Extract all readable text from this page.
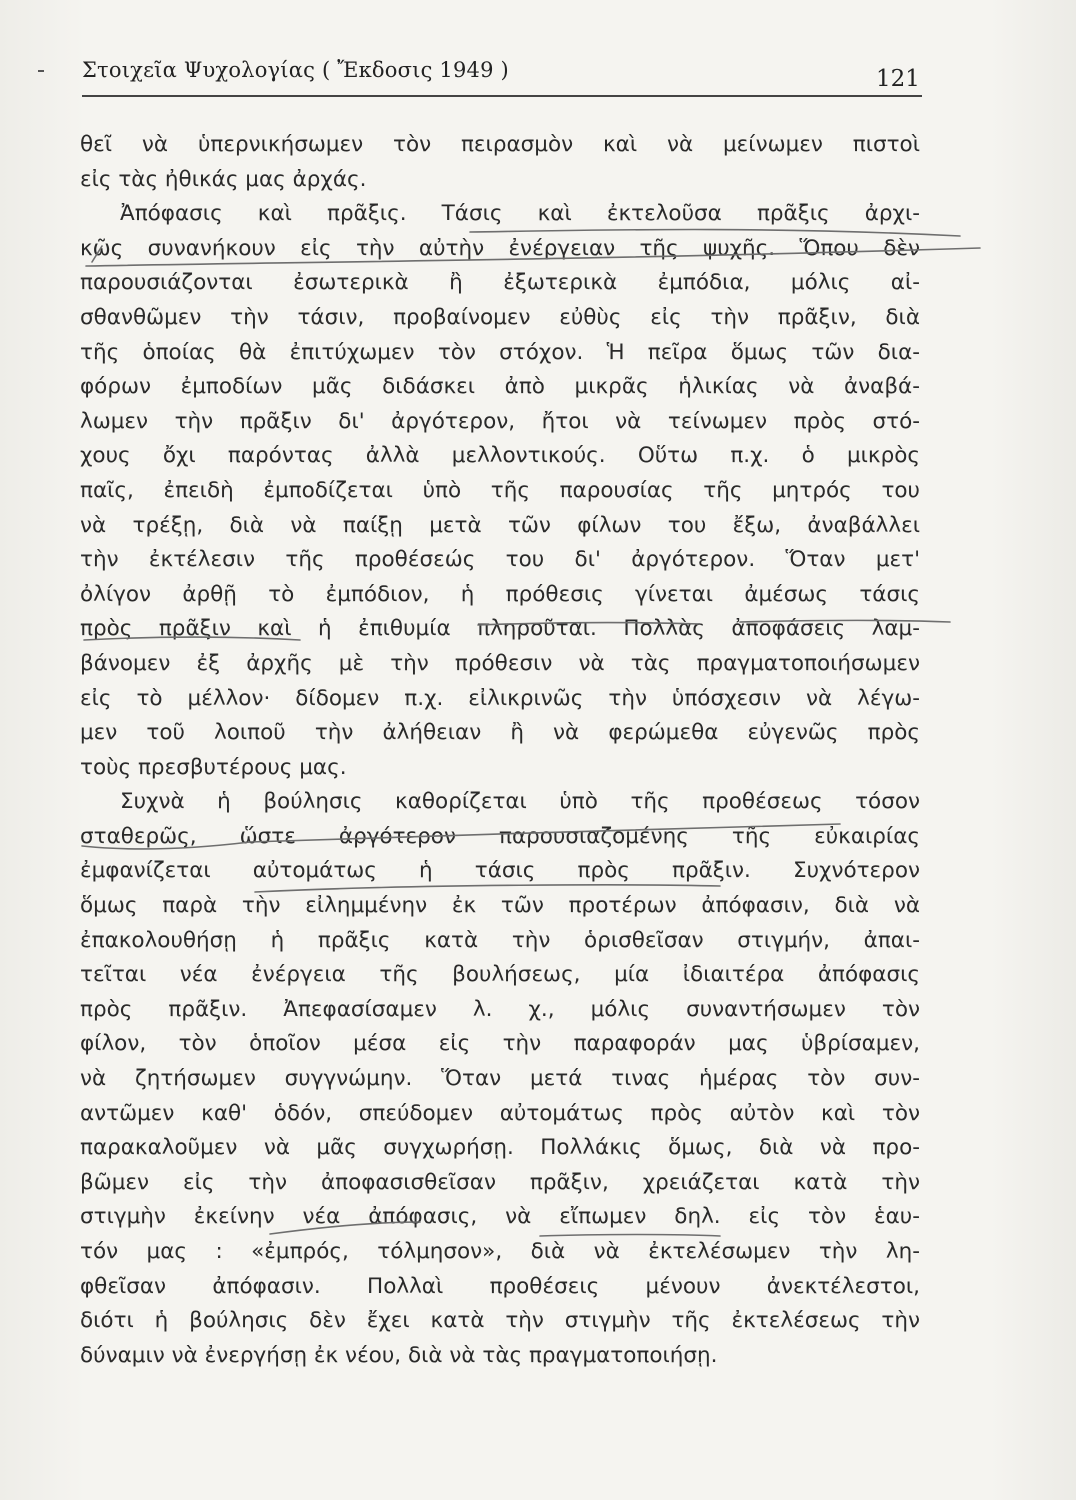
Στοιχεῖα Ψυχολογίας ( Ἔκδοσις 1949 )	121
θεῖ νὰ ὑπερνικήσωμεν τὸν πειρασμὸν καὶ νὰ μείνωμεν πιστοὶ
εἰς τὰς ἠθικάς μας ἀρχάς.
Ἀπόφασις καὶ πρᾶξις. Τάσις καὶ ἐκτελοῦσα πρᾶξις ἀρχι-
κῶς συνανήκουν εἰς τὴν αὐτὴν ἐνέργειαν τῆς ψυχῆς. Ὅπου δὲν
παρουσιάζονται ἐσωτερικὰ ἢ ἐξωτερικὰ ἐμπόδια, μόλις αἰ-
σθανθῶμεν τὴν τάσιν, προβαίνομεν εὐθὺς εἰς τὴν πρᾶξιν, διὰ
τῆς ὁποίας θὰ ἐπιτύχωμεν τὸν στόχον. Ἡ πεῖρα ὅμως τῶν δια-
φόρων ἐμποδίων μᾶς διδάσκει ἀπὸ μικρᾶς ἡλικίας νὰ ἀναβά-
λωμεν τὴν πρᾶξιν δι' ἀργότερον, ἤτοι νὰ τείνωμεν πρὸς στό-
χους ὄχι παρόντας ἀλλὰ μελλοντικούς. Οὕτω π.χ. ὁ μικρὸς
παῖς, ἐπειδὴ ἐμποδίζεται ὑπὸ τῆς παρουσίας τῆς μητρός του
νὰ τρέξῃ, διὰ νὰ παίξῃ μετὰ τῶν φίλων του ἔξω, ἀναβάλλει
τὴν ἐκτέλεσιν τῆς προθέσεώς του δι' ἀργότερον. Ὅταν μετ'
ὀλίγον ἀρθῇ τὸ ἐμπόδιον, ἡ πρόθεσις γίνεται ἀμέσως τάσις
πρὸς πρᾶξιν καὶ ἡ ἐπιθυμία πληροῦται. Πολλὰς ἀποφάσεις λαμ-
βάνομεν ἐξ ἀρχῆς μὲ τὴν πρόθεσιν νὰ τὰς πραγματοποιήσωμεν
εἰς τὸ μέλλον· δίδομεν π.χ. εἰλικρινῶς τὴν ὑπόσχεσιν νὰ λέγω-
μεν τοῦ λοιποῦ τὴν ἀλήθειαν ἢ νὰ φερώμεθα εὐγενῶς πρὸς
τοὺς πρεσβυτέρους μας.
Συχνὰ ἡ βούλησις καθορίζεται ὑπὸ τῆς προθέσεως τόσον
σταθερῶς, ὥστε ἀργότερον παρουσιαζομένης τῆς εὐκαιρίας
ἐμφανίζεται αὐτομάτως ἡ τάσις πρὸς πρᾶξιν. Συχνότερον
ὅμως παρὰ τὴν εἰλημμένην ἐκ τῶν προτέρων ἀπόφασιν, διὰ νὰ
ἐπακολουθήσῃ ἡ πρᾶξις κατὰ τὴν ὁρισθεῖσαν στιγμήν, ἀπαι-
τεῖται νέα ἐνέργεια τῆς βουλήσεως, μία ἰδιαιτέρα ἀπόφασις
πρὸς πρᾶξιν. Ἀπεφασίσαμεν λ. χ., μόλις συναντήσωμεν τὸν
φίλον, τὸν ὁποῖον μέσα εἰς τὴν παραφοράν μας ὑβρίσαμεν,
νὰ ζητήσωμεν συγγνώμην. Ὅταν μετά τινας ἡμέρας τὸν συν-
αντῶμεν καθ' ὁδόν, σπεύδομεν αὐτομάτως πρὸς αὐτὸν καὶ τὸν
παρακαλοῦμεν νὰ μᾶς συγχωρήσῃ. Πολλάκις ὅμως, διὰ νὰ προ-
βῶμεν εἰς τὴν ἀποφασισθεῖσαν πρᾶξιν, χρειάζεται κατὰ τὴν
στιγμὴν ἐκείνην νέα ἀπόφασις, νὰ εἴπωμεν δηλ. εἰς τὸν ἑαυ-
τόν μας : «ἐμπρός, τόλμησον», διὰ νὰ ἐκτελέσωμεν τὴν λη-
φθεῖσαν ἀπόφασιν. Πολλαὶ προθέσεις μένουν ἀνεκτέλεστοι,
διότι ἡ βούλησις δὲν ἔχει κατὰ τὴν στιγμὴν τῆς ἐκτελέσεως τὴν
δύναμιν νὰ ἐνεργήσῃ ἐκ νέου, διὰ νὰ τὰς πραγματοποιήσῃ.
